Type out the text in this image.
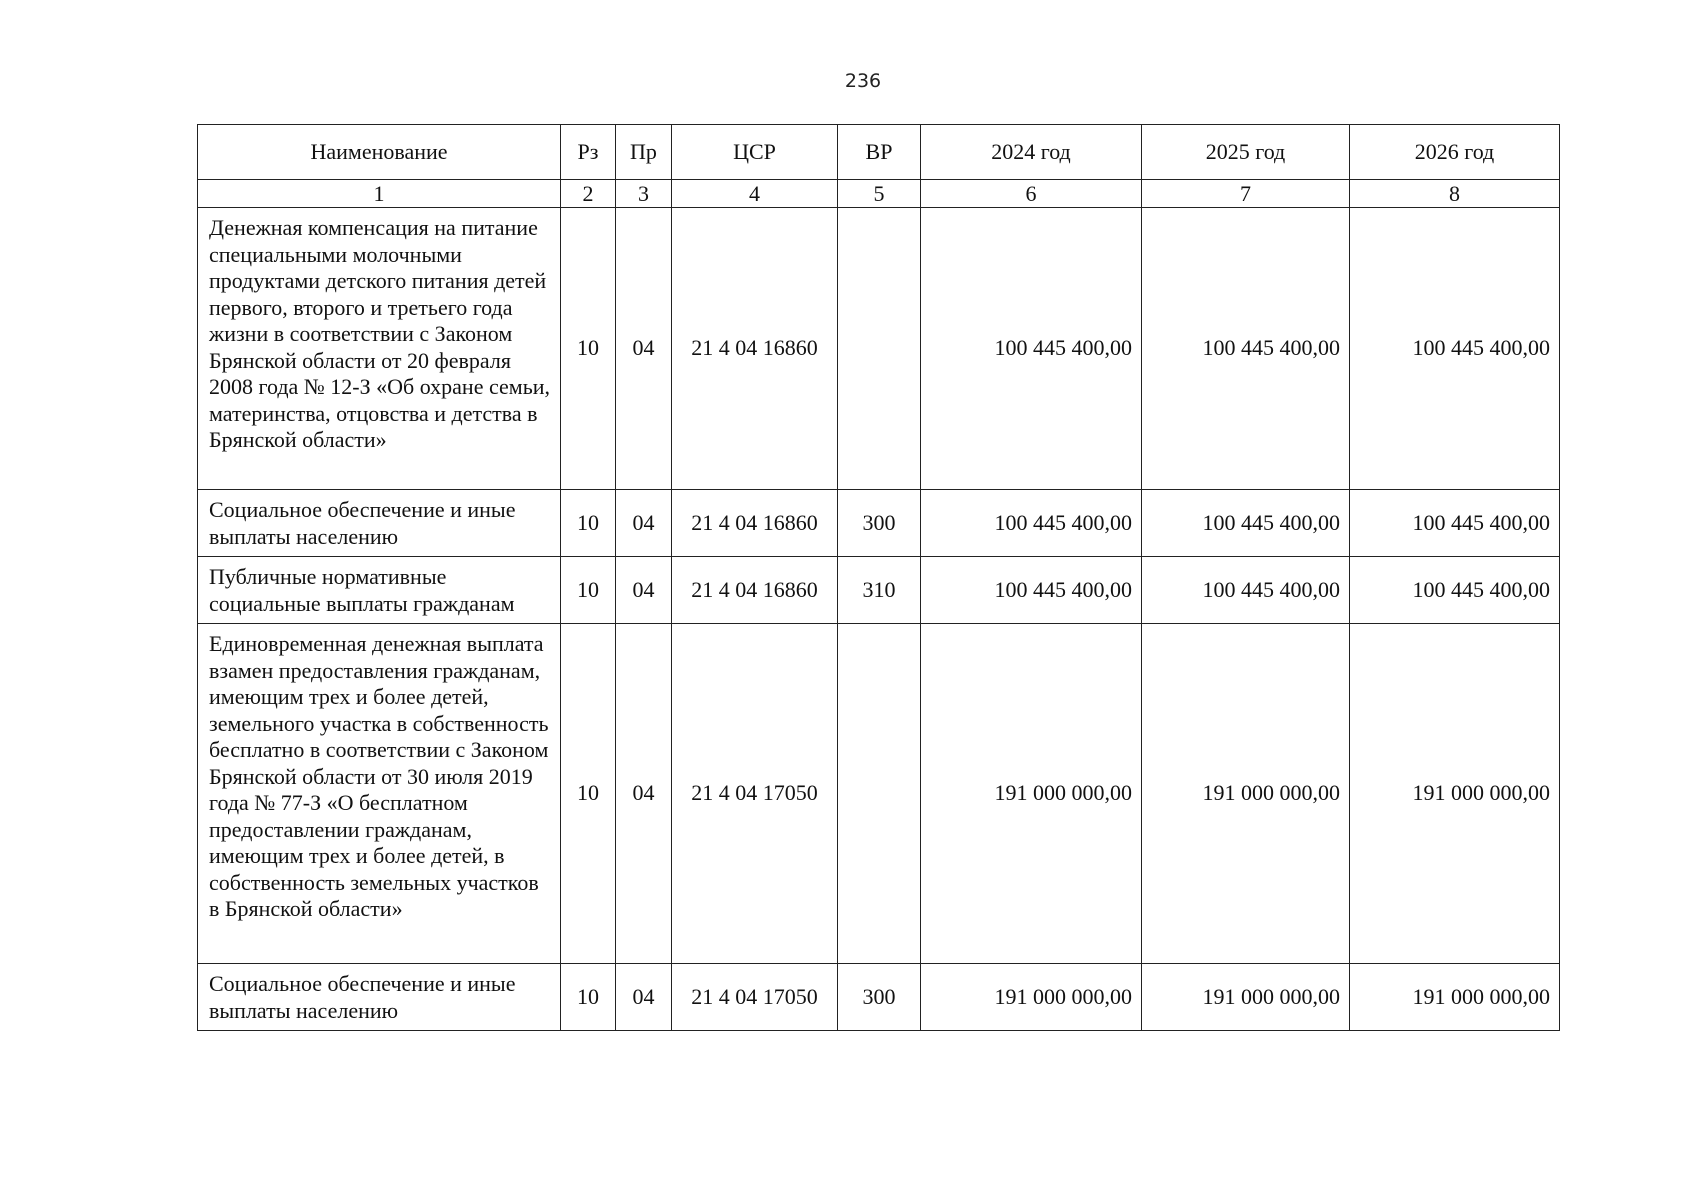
236
Наименование	Рз	Пр	ЦСР	ВР	2024 год	2025 год	2026 год
1	2	3	4	5	6	7	8
Денежная компенсация на питание специальными молочными продуктами детского питания детей первого, второго и третьего года жизни в соответствии с Законом Брянской области от 20 февраля 2008 года № 12-З «Об охране семьи, материнства, отцовства и детства в Брянской области»	10	04	21 4 04 16860		100 445 400,00	100 445 400,00	100 445 400,00
Социальное обеспечение и иные выплаты населению	10	04	21 4 04 16860	300	100 445 400,00	100 445 400,00	100 445 400,00
Публичные нормативные социальные выплаты гражданам	10	04	21 4 04 16860	310	100 445 400,00	100 445 400,00	100 445 400,00
Единовременная денежная выплата взамен предоставления гражданам, имеющим трех и более детей, земельного участка в собственность бесплатно в соответствии с Законом Брянской области от 30 июля 2019 года № 77-З «О бесплатном предоставлении гражданам, имеющим трех и более детей, в собственность земельных участков в Брянской области»	10	04	21 4 04 17050		191 000 000,00	191 000 000,00	191 000 000,00
Социальное обеспечение и иные выплаты населению	10	04	21 4 04 17050	300	191 000 000,00	191 000 000,00	191 000 000,00
